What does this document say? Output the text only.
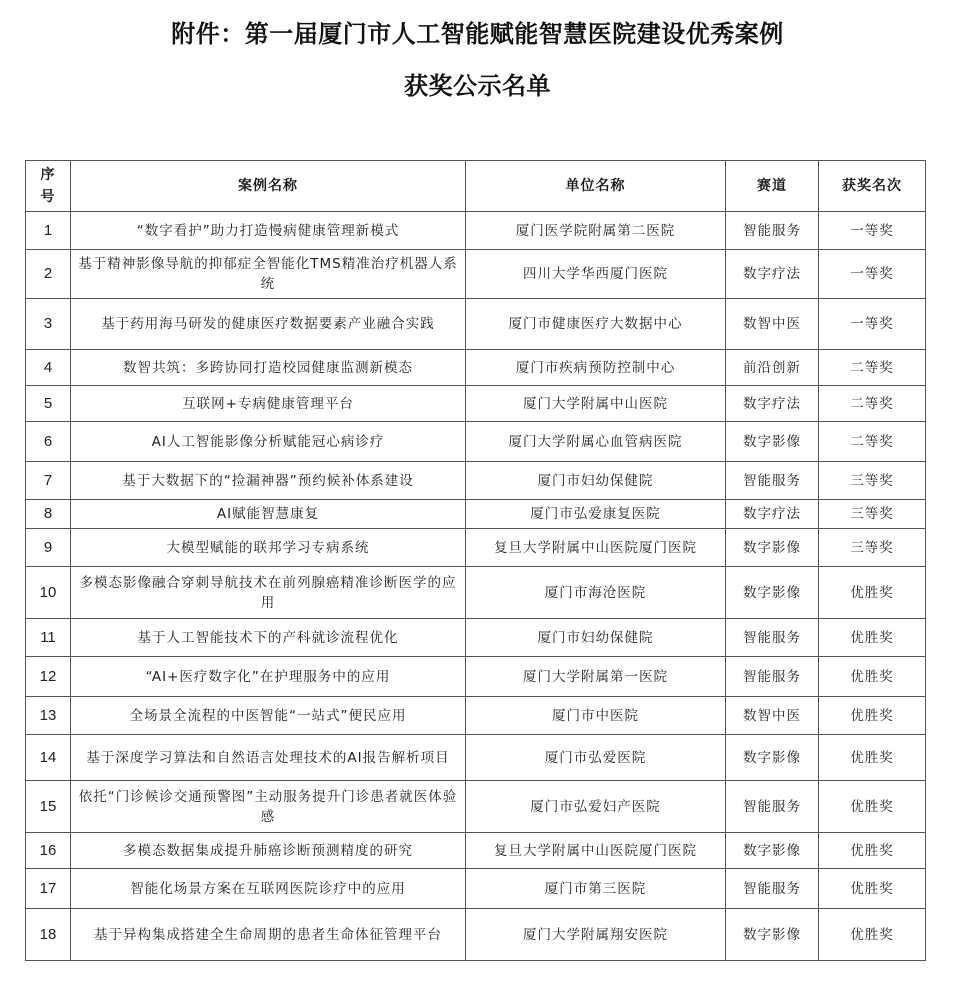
附件：第一届厦门市人工智能赋能智慧医院建设优秀案例
获奖公示名单
序号	案例名称	单位名称	赛道	获奖名次
1	“数字看护”助力打造慢病健康管理新模式	厦门医学院附属第二医院	智能服务	一等奖
2	基于精神影像导航的抑郁症全智能化TMS精准治疗机器人系统	四川大学华西厦门医院	数字疗法	一等奖
3	基于药用海马研发的健康医疗数据要素产业融合实践	厦门市健康医疗大数据中心	数智中医	一等奖
4	数智共筑：多跨协同打造校园健康监测新模态	厦门市疾病预防控制中心	前沿创新	二等奖
5	互联网+专病健康管理平台	厦门大学附属中山医院	数字疗法	二等奖
6	AI人工智能影像分析赋能冠心病诊疗	厦门大学附属心血管病医院	数字影像	二等奖
7	基于大数据下的“捡漏神器”预约候补体系建设	厦门市妇幼保健院	智能服务	三等奖
8	AI赋能智慧康复	厦门市弘爱康复医院	数字疗法	三等奖
9	大模型赋能的联邦学习专病系统	复旦大学附属中山医院厦门医院	数字影像	三等奖
10	多模态影像融合穿刺导航技术在前列腺癌精准诊断医学的应用	厦门市海沧医院	数字影像	优胜奖
11	基于人工智能技术下的产科就诊流程优化	厦门市妇幼保健院	智能服务	优胜奖
12	“AI+医疗数字化”在护理服务中的应用	厦门大学附属第一医院	智能服务	优胜奖
13	全场景全流程的中医智能“一站式”便民应用	厦门市中医院	数智中医	优胜奖
14	基于深度学习算法和自然语言处理技术的AI报告解析项目	厦门市弘爱医院	数字影像	优胜奖
15	依托“门诊候诊交通预警图”主动服务提升门诊患者就医体验感	厦门市弘爱妇产医院	智能服务	优胜奖
16	多模态数据集成提升肺癌诊断预测精度的研究	复旦大学附属中山医院厦门医院	数字影像	优胜奖
17	智能化场景方案在互联网医院诊疗中的应用	厦门市第三医院	智能服务	优胜奖
18	基于异构集成搭建全生命周期的患者生命体征管理平台	厦门大学附属翔安医院	数字影像	优胜奖
